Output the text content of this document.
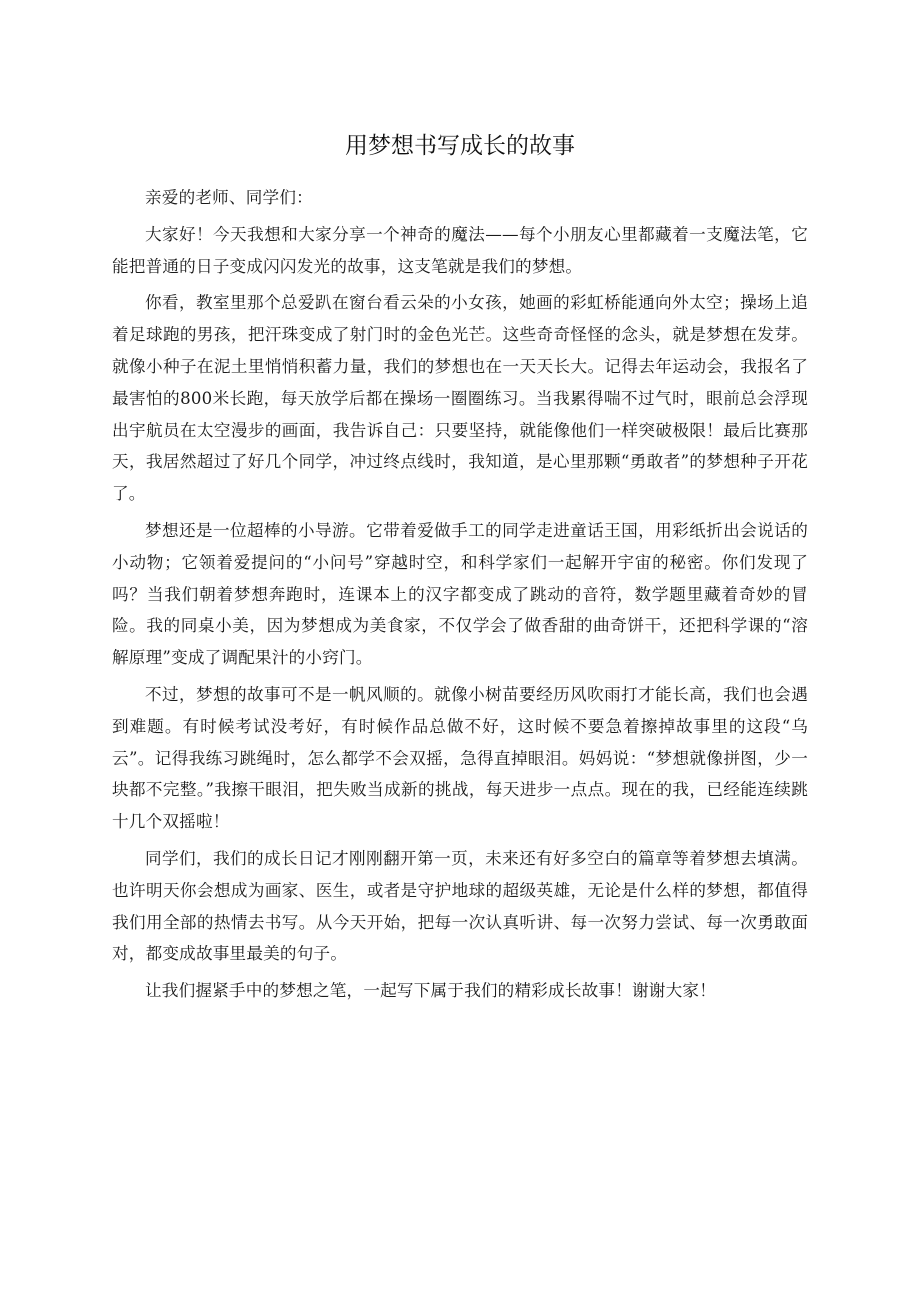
用梦想书写成长的故事

亲爱的老师、同学们：

大家好！今天我想和大家分享一个神奇的魔法——每个小朋友心里都藏着一支魔法笔，它能把普通的日子变成闪闪发光的故事，这支笔就是我们的梦想。

你看，教室里那个总爱趴在窗台看云朵的小女孩，她画的彩虹桥能通向外太空；操场上追着足球跑的男孩，把汗珠变成了射门时的金色光芒。这些奇奇怪怪的念头，就是梦想在发芽。就像小种子在泥土里悄悄积蓄力量，我们的梦想也在一天天长大。记得去年运动会，我报名了最害怕的800米长跑，每天放学后都在操场一圈圈练习。当我累得喘不过气时，眼前总会浮现出宇航员在太空漫步的画面，我告诉自己：只要坚持，就能像他们一样突破极限！最后比赛那天，我居然超过了好几个同学，冲过终点线时，我知道，是心里那颗“勇敢者”的梦想种子开花了。

梦想还是一位超棒的小导游。它带着爱做手工的同学走进童话王国，用彩纸折出会说话的小动物；它领着爱提问的“小问号”穿越时空，和科学家们一起解开宇宙的秘密。你们发现了吗？当我们朝着梦想奔跑时，连课本上的汉字都变成了跳动的音符，数学题里藏着奇妙的冒险。我的同桌小美，因为梦想成为美食家，不仅学会了做香甜的曲奇饼干，还把科学课的“溶解原理”变成了调配果汁的小窍门。

不过，梦想的故事可不是一帆风顺的。就像小树苗要经历风吹雨打才能长高，我们也会遇到难题。有时候考试没考好，有时候作品总做不好，这时候不要急着擦掉故事里的这段“乌云”。记得我练习跳绳时，怎么都学不会双摇，急得直掉眼泪。妈妈说：“梦想就像拼图，少一块都不完整。”我擦干眼泪，把失败当成新的挑战，每天进步一点点。现在的我，已经能连续跳十几个双摇啦！

同学们，我们的成长日记才刚刚翻开第一页，未来还有好多空白的篇章等着梦想去填满。也许明天你会想成为画家、医生，或者是守护地球的超级英雄，无论是什么样的梦想，都值得我们用全部的热情去书写。从今天开始，把每一次认真听讲、每一次努力尝试、每一次勇敢面对，都变成故事里最美的句子。

让我们握紧手中的梦想之笔，一起写下属于我们的精彩成长故事！谢谢大家！
